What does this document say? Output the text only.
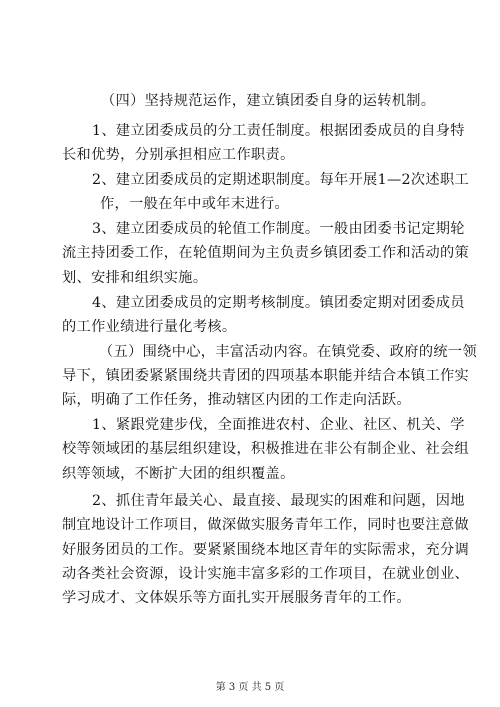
（四）坚持规范运作，建立镇团委自身的运转机制。
1、建立团委成员的分工责任制度。根据团委成员的自身特
长和优势，分别承担相应工作职责。
2、建立团委成员的定期述职制度。每年开展1—2次述职工
作，一般在年中或年末进行。
3、建立团委成员的轮值工作制度。一般由团委书记定期轮
流主持团委工作，在轮值期间为主负责乡镇团委工作和活动的策
划、安排和组织实施。
4、建立团委成员的定期考核制度。镇团委定期对团委成员
的工作业绩进行量化考核。
（五）围绕中心，丰富活动内容。在镇党委、政府的统一领
导下，镇团委紧紧围绕共青团的四项基本职能并结合本镇工作实
际，明确了工作任务，推动辖区内团的工作走向活跃。
1、紧跟党建步伐，全面推进农村、企业、社区、机关、学
校等领域团的基层组织建设，积极推进在非公有制企业、社会组
织等领域，不断扩大团的组织覆盖。
2、抓住青年最关心、最直接、最现实的困难和问题，因地
制宜地设计工作项目，做深做实服务青年工作，同时也要注意做
好服务团员的工作。要紧紧围绕本地区青年的实际需求，充分调
动各类社会资源，设计实施丰富多彩的工作项目，在就业创业、
学习成才、文体娱乐等方面扎实开展服务青年的工作。
第 3 页 共 5 页
